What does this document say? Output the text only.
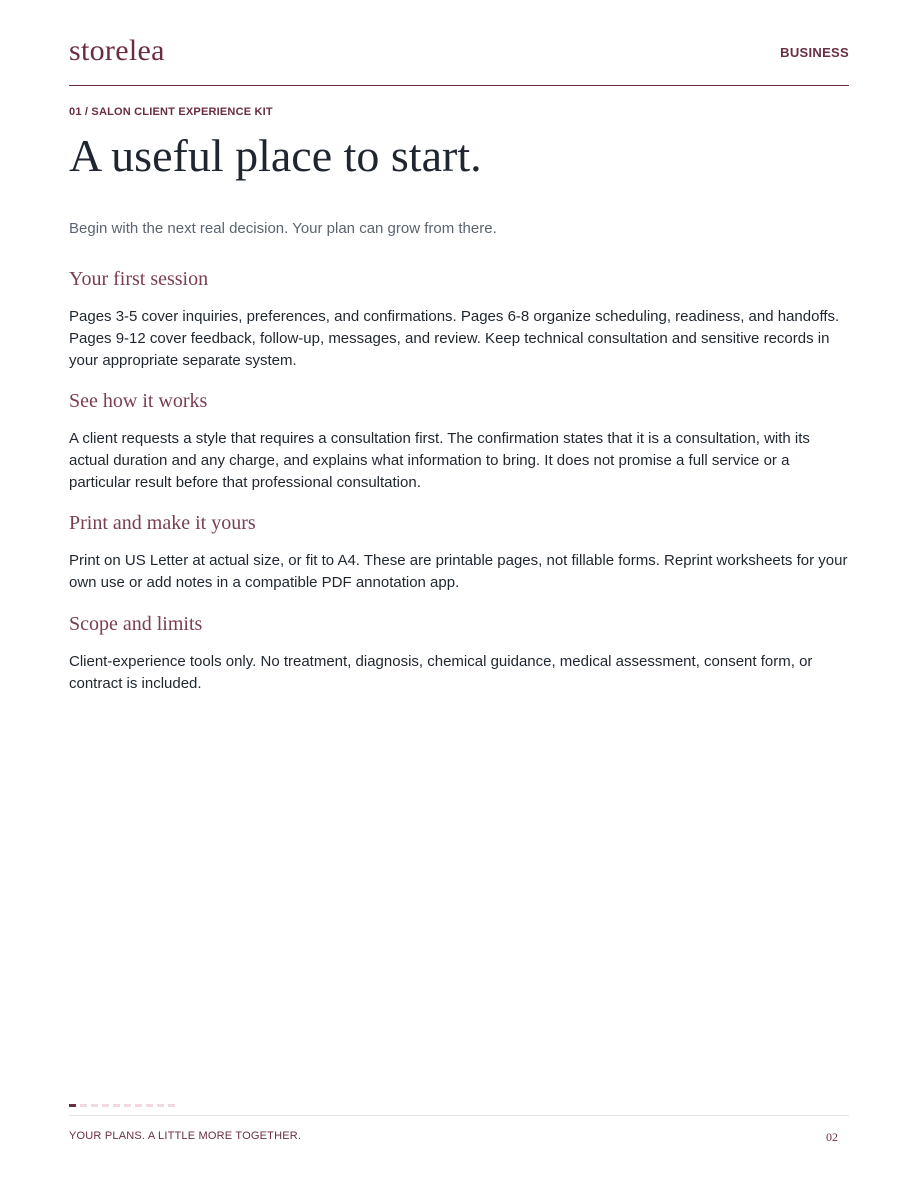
storelea	BUSINESS
01 / SALON CLIENT EXPERIENCE KIT
A useful place to start.
Begin with the next real decision. Your plan can grow from there.
Your first session

Pages 3-5 cover inquiries, preferences, and confirmations. Pages 6-8 organize scheduling, readiness, and handoffs. Pages 9-12 cover feedback, follow-up, messages, and review. Keep technical consultation and sensitive records in your appropriate separate system.

See how it works

A client requests a style that requires a consultation first. The confirmation states that it is a consultation, with its actual duration and any charge, and explains what information to bring. It does not promise a full service or a particular result before that professional consultation.

Print and make it yours

Print on US Letter at actual size, or fit to A4. These are printable pages, not fillable forms. Reprint worksheets for your own use or add notes in a compatible PDF annotation app.

Scope and limits

Client-experience tools only. No treatment, diagnosis, chemical guidance, medical assessment, consent form, or contract is included.

YOUR PLANS. A LITTLE MORE TOGETHER.	02
